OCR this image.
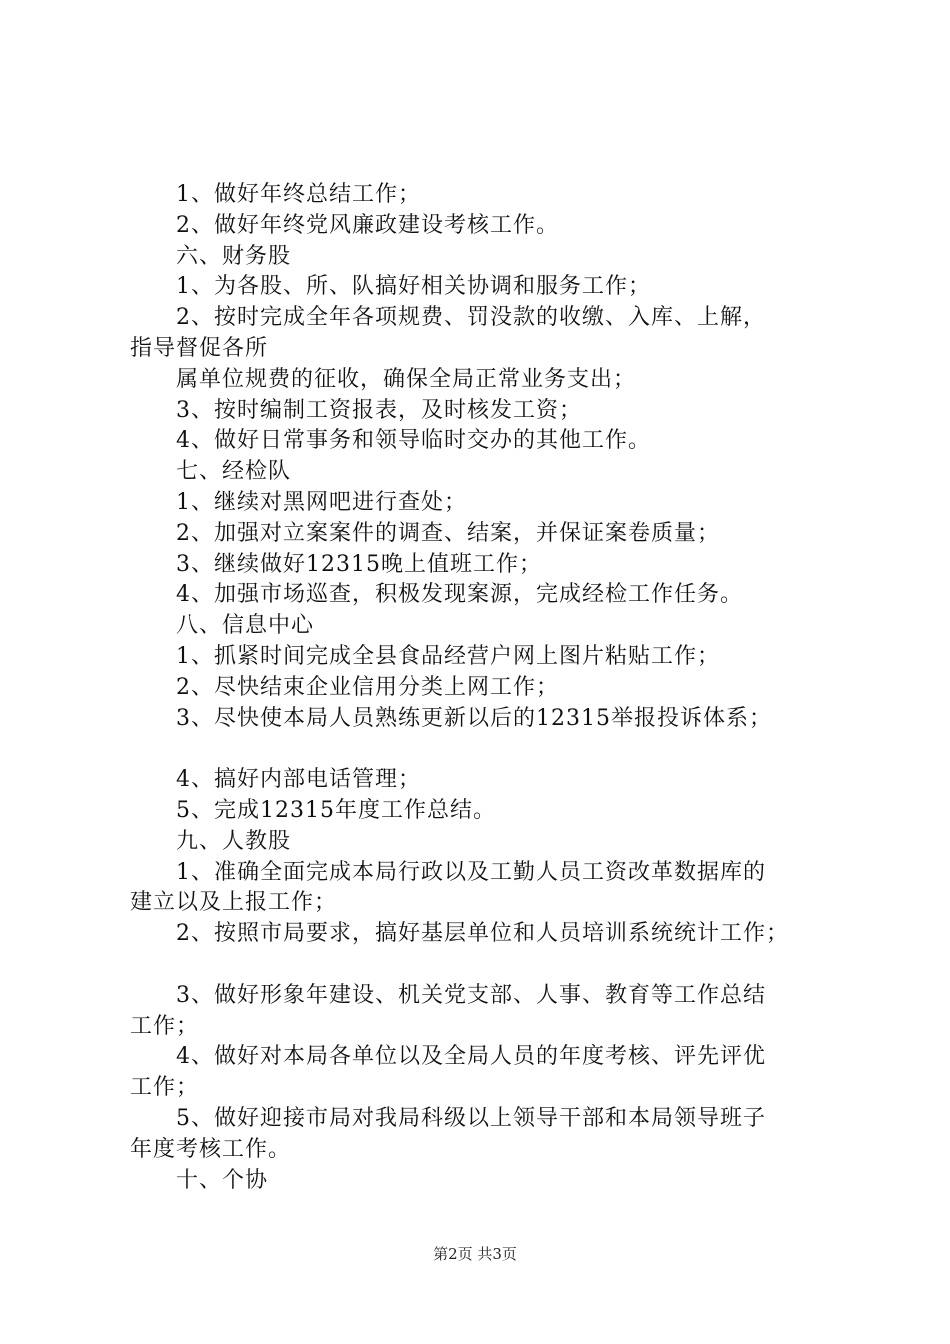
1、做好年终总结工作；
2、做好年终党风廉政建设考核工作。
六、财务股
1、为各股、所、队搞好相关协调和服务工作；
2、按时完成全年各项规费、罚没款的收缴、入库、上解，
指导督促各所
属单位规费的征收，确保全局正常业务支出；
3、按时编制工资报表，及时核发工资；
4、做好日常事务和领导临时交办的其他工作。
七、经检队
1、继续对黑网吧进行查处；
2、加强对立案案件的调查、结案，并保证案卷质量；
3、继续做好12315晚上值班工作；
4、加强市场巡查，积极发现案源，完成经检工作任务。
八、信息中心
1、抓紧时间完成全县食品经营户网上图片粘贴工作；
2、尽快结束企业信用分类上网工作；
3、尽快使本局人员熟练更新以后的12315举报投诉体系；
4、搞好内部电话管理；
5、完成12315年度工作总结。
九、人教股
1、准确全面完成本局行政以及工勤人员工资改革数据库的
建立以及上报工作；
2、按照市局要求，搞好基层单位和人员培训系统统计工作；
3、做好形象年建设、机关党支部、人事、教育等工作总结
工作；
4、做好对本局各单位以及全局人员的年度考核、评先评优
工作；
5、做好迎接市局对我局科级以上领导干部和本局领导班子
年度考核工作。
十、个协
第2页 共3页
